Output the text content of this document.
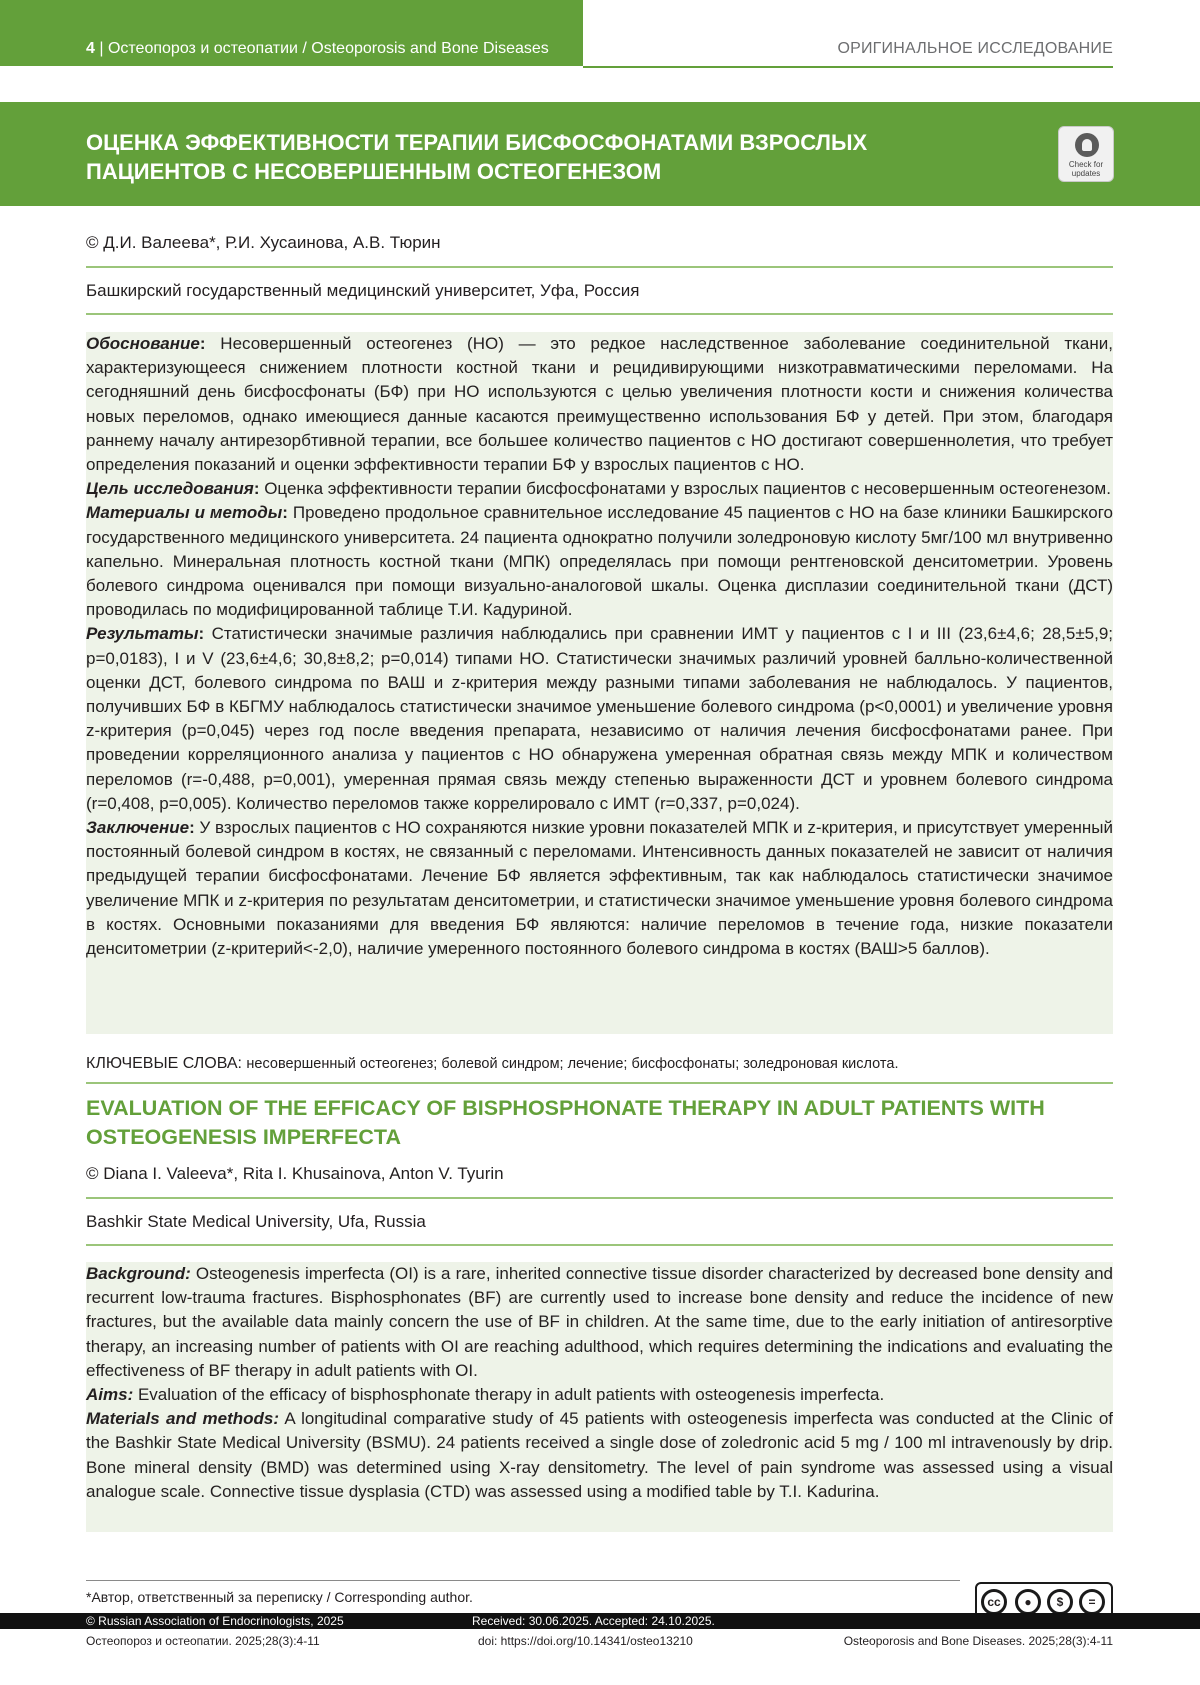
4 | Остеопороз и остеопатии / Osteoporosis and Bone Diseases	ОРИГИНАЛЬНОЕ ИССЛЕДОВАНИЕ
ОЦЕНКА ЭФФЕКТИВНОСТИ ТЕРАПИИ БИСФОСФОНАТАМИ ВЗРОСЛЫХ ПАЦИЕНТОВ С НЕСОВЕРШЕННЫМ ОСТЕОГЕНЕЗОМ	Check for
updates
© Д.И. Валеева*, Р.И. Хусаинова, А.В. Тюрин
Башкирский государственный медицинский университет, Уфа, Россия

Обоснование: Несовершенный остеогенез (НО) — это редкое наследственное заболевание соединительной ткани, характеризующееся снижением плотности костной ткани и рецидивирующими низкотравматическими переломами. На сегодняшний день бисфосфонаты (БФ) при НО используются с целью увеличения плотности кости и снижения количества новых переломов, однако имеющиеся данные касаются преимущественно использования БФ у детей. При этом, благодаря раннему началу антирезорбтивной терапии, все большее количество пациентов с НО достигают совершеннолетия, что требует определения показаний и оценки эффективности терапии БФ у взрослых пациентов с НО.

Цель исследования: Оценка эффективности терапии бисфосфонатами у взрослых пациентов с несовершенным остеогенезом.

Материалы и методы: Проведено продольное сравнительное исследование 45 пациентов с НО на базе клиники Башкирского государственного медицинского университета. 24 пациента однократно получили золедроновую кислоту 5мг/100 мл внутривенно капельно. Минеральная плотность костной ткани (МПК) определялась при помощи рентгеновской денситометрии. Уровень болевого синдрома оценивался при помощи визуально-аналоговой шкалы. Оценка дисплазии соединительной ткани (ДСТ) проводилась по модифицированной таблице Т.И. Кадуриной.

Результаты: Статистически значимые различия наблюдались при сравнении ИМТ у пациентов с I и III (23,6±4,6; 28,5±5,9; p=0,0183), I и V (23,6±4,6; 30,8±8,2; p=0,014) типами НО. Статистически значимых различий уровней балльно-количественной оценки ДСТ, болевого синдрома по ВАШ и z-критерия между разными типами заболевания не наблюдалось. У пациентов, получивших БФ в КБГМУ наблюдалось статистически значимое уменьшение болевого синдрома (p<0,0001) и увеличение уровня z-критерия (p=0,045) через год после введения препарата, независимо от наличия лечения бисфосфонатами ранее. При проведении корреляционного анализа у пациентов с НО обнаружена умеренная обратная связь между МПК и количеством переломов (r=-0,488, p=0,001), умеренная прямая связь между степенью выраженности ДСТ и уровнем болевого синдрома (r=0,408, p=0,005). Количество переломов также коррелировало с ИМТ (r=0,337, p=0,024).

Заключение: У взрослых пациентов с НО сохраняются низкие уровни показателей МПК и z-критерия, и присутствует умеренный постоянный болевой синдром в костях, не связанный с переломами. Интенсивность данных показателей не зависит от наличия предыдущей терапии бисфосфонатами. Лечение БФ является эффективным, так как наблюдалось статистически значимое увеличение МПК и z-критерия по результатам денситометрии, и статистически значимое уменьшение уровня болевого синдрома в костях. Основными показаниями для введения БФ являются: наличие переломов в течение года, низкие показатели денситометрии (z-критерий<-2,0), наличие умеренного постоянного болевого синдрома в костях (ВАШ>5 баллов).

КЛЮЧЕВЫЕ СЛОВА: несовершенный остеогенез; болевой синдром; лечение; бисфосфонаты; золедроновая кислота.
EVALUATION OF THE EFFICACY OF BISPHOSPHONATE THERAPY IN ADULT PATIENTS WITH OSTEOGENESIS IMPERFECTA
© Diana I. Valeeva*, Rita I. Khusainova, Anton V. Tyurin
Bashkir State Medical University, Ufa, Russia

Background: Osteogenesis imperfecta (OI) is a rare, inherited connective tissue disorder characterized by decreased bone density and recurrent low-trauma fractures. Bisphosphonates (BF) are currently used to increase bone density and reduce the incidence of new fractures, but the available data mainly concern the use of BF in children. At the same time, due to the early initiation of antiresorptive therapy, an increasing number of patients with OI are reaching adulthood, which requires determining the indications and evaluating the effectiveness of BF therapy in adult patients with OI.

Aims: Evaluation of the efficacy of bisphosphonate therapy in adult patients with osteogenesis imperfecta.

Materials and methods: A longitudinal comparative study of 45 patients with osteogenesis imperfecta was conducted at the Clinic of the Bashkir State Medical University (BSMU). 24 patients received a single dose of zoledronic acid 5 mg / 100 ml intravenously by drip. Bone mineral density (BMD) was determined using X-ray densitometry. The level of pain syndrome was assessed using a visual analogue scale. Connective tissue dysplasia (CTD) was assessed using a modified table by T.I. Kadurina.

*Автор, ответственный за переписку / Corresponding author.	cc	●	$	=
© Russian Association of Endocrinologists, 2025	Received: 30.06.2025. Accepted: 24.10.2025.
Остеопороз и остеопатии. 2025;28(3):4-11	doi: https://doi.org/10.14341/osteo13210	Osteoporosis and Bone Diseases. 2025;28(3):4-11
